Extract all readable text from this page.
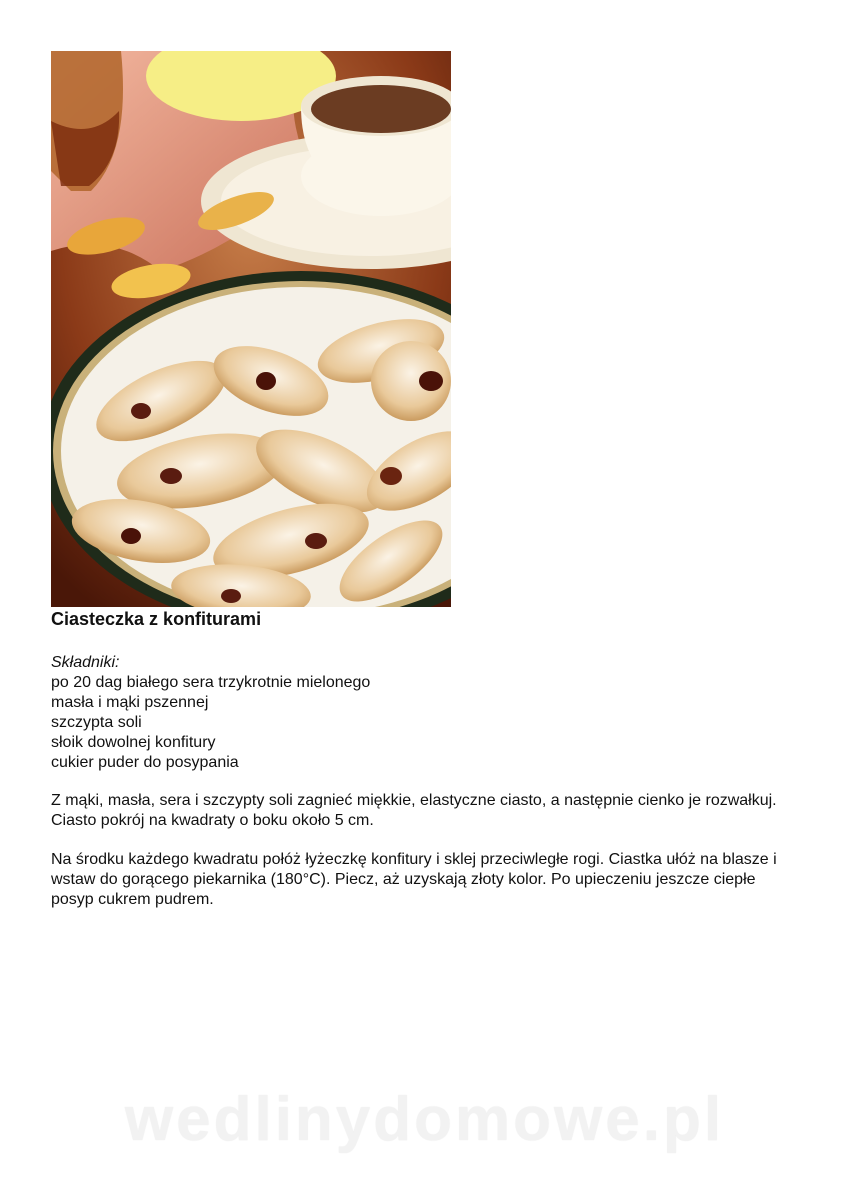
Ciasteczka z konfiturami
Składniki:
po 20 dag białego sera trzykrotnie mielonego
masła i mąki pszennej
szczypta soli
słoik dowolnej konfitury
cukier puder do posypania

Z mąki, masła, sera i szczypty soli zagnieć miękkie, elastyczne ciasto, a następnie cienko je rozwałkuj. Ciasto pokrój na kwadraty o boku około 5 cm.

Na środku każdego kwadratu połóż łyżeczkę konfitury i sklej przeciwległe rogi. Ciastka ułóż na blasze i wstaw do gorącego piekarnika (180°C). Piecz, aż uzyskają złoty kolor. Po upieczeniu jeszcze ciepłe posyp cukrem pudrem.

wedlinydomowe.pl
